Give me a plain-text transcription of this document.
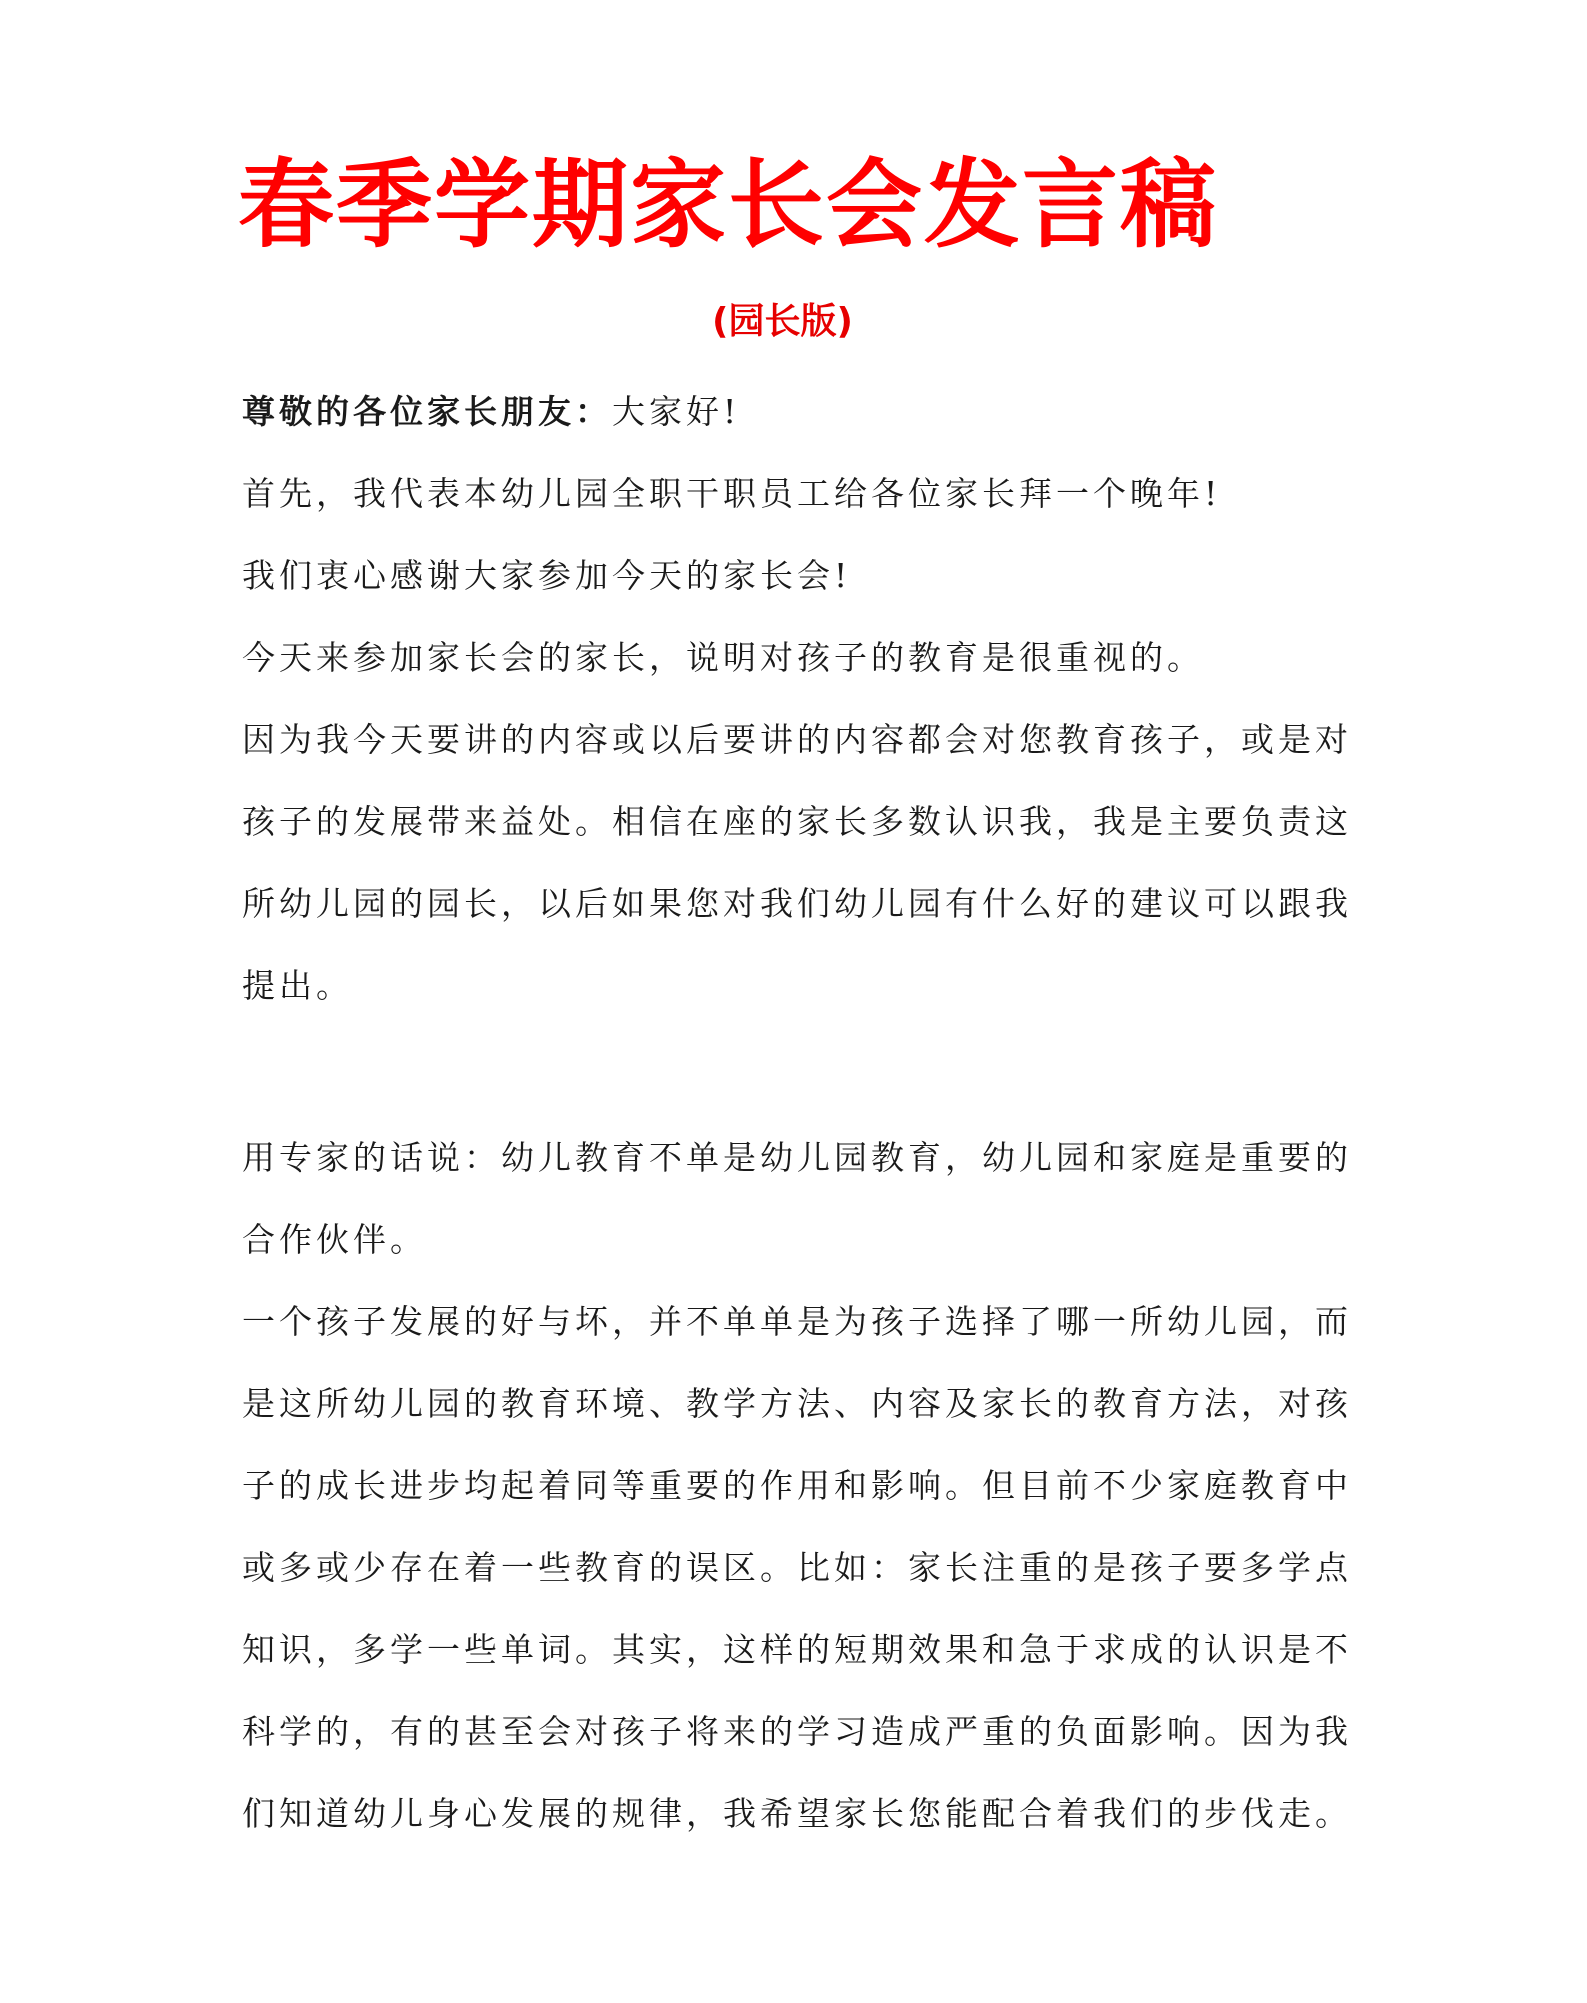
春季学期家长会发言稿
(园长版)
尊敬的各位家长朋友：大家好!
首先，我代表本幼儿园全职干职员工给各位家长拜一个晚年!
我们衷心感谢大家参加今天的家长会!
今天来参加家长会的家长，说明对孩子的教育是很重视的。
因为我今天要讲的内容或以后要讲的内容都会对您教育孩子，或是对
孩子的发展带来益处。相信在座的家长多数认识我，我是主要负责这
所幼儿园的园长，以后如果您对我们幼儿园有什么好的建议可以跟我
提出。
用专家的话说：幼儿教育不单是幼儿园教育，幼儿园和家庭是重要的
合作伙伴。
一个孩子发展的好与坏，并不单单是为孩子选择了哪一所幼儿园，而
是这所幼儿园的教育环境、教学方法、内容及家长的教育方法，对孩
子的成长进步均起着同等重要的作用和影响。但目前不少家庭教育中
或多或少存在着一些教育的误区。比如：家长注重的是孩子要多学点
知识，多学一些单词。其实，这样的短期效果和急于求成的认识是不
科学的，有的甚至会对孩子将来的学习造成严重的负面影响。因为我
们知道幼儿身心发展的规律，我希望家长您能配合着我们的步伐走。
